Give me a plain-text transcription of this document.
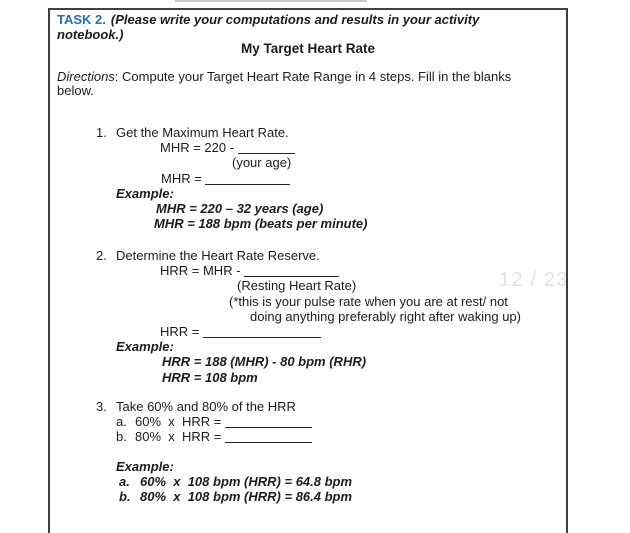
12 / 23
TASK 2. (Please write your computations and results in your activity
notebook.)
My Target Heart Rate
Directions: Compute your Target Heart Rate Range in 4 steps. Fill in the blanks
below.
1. Get the Maximum Heart Rate.
MHR = 220 -
(your age)
MHR =
Example:
MHR = 220 – 32 years (age)
MHR = 188 bpm (beats per minute)
2. Determine the Heart Rate Reserve.
HRR = MHR -
(Resting Heart Rate)
(*this is your pulse rate when you are at rest/ not
doing anything preferably right after waking up)
HRR =
Example:
HRR = 188 (MHR) - 80 bpm (RHR)
HRR = 108 bpm
3. Take 60% and 80% of the HRR
a. 60%  x  HRR =
b. 80%  x  HRR =
Example:
a. 60%  x  108 bpm (HRR) = 64.8 bpm
b. 80%  x  108 bpm (HRR) = 86.4 bpm
